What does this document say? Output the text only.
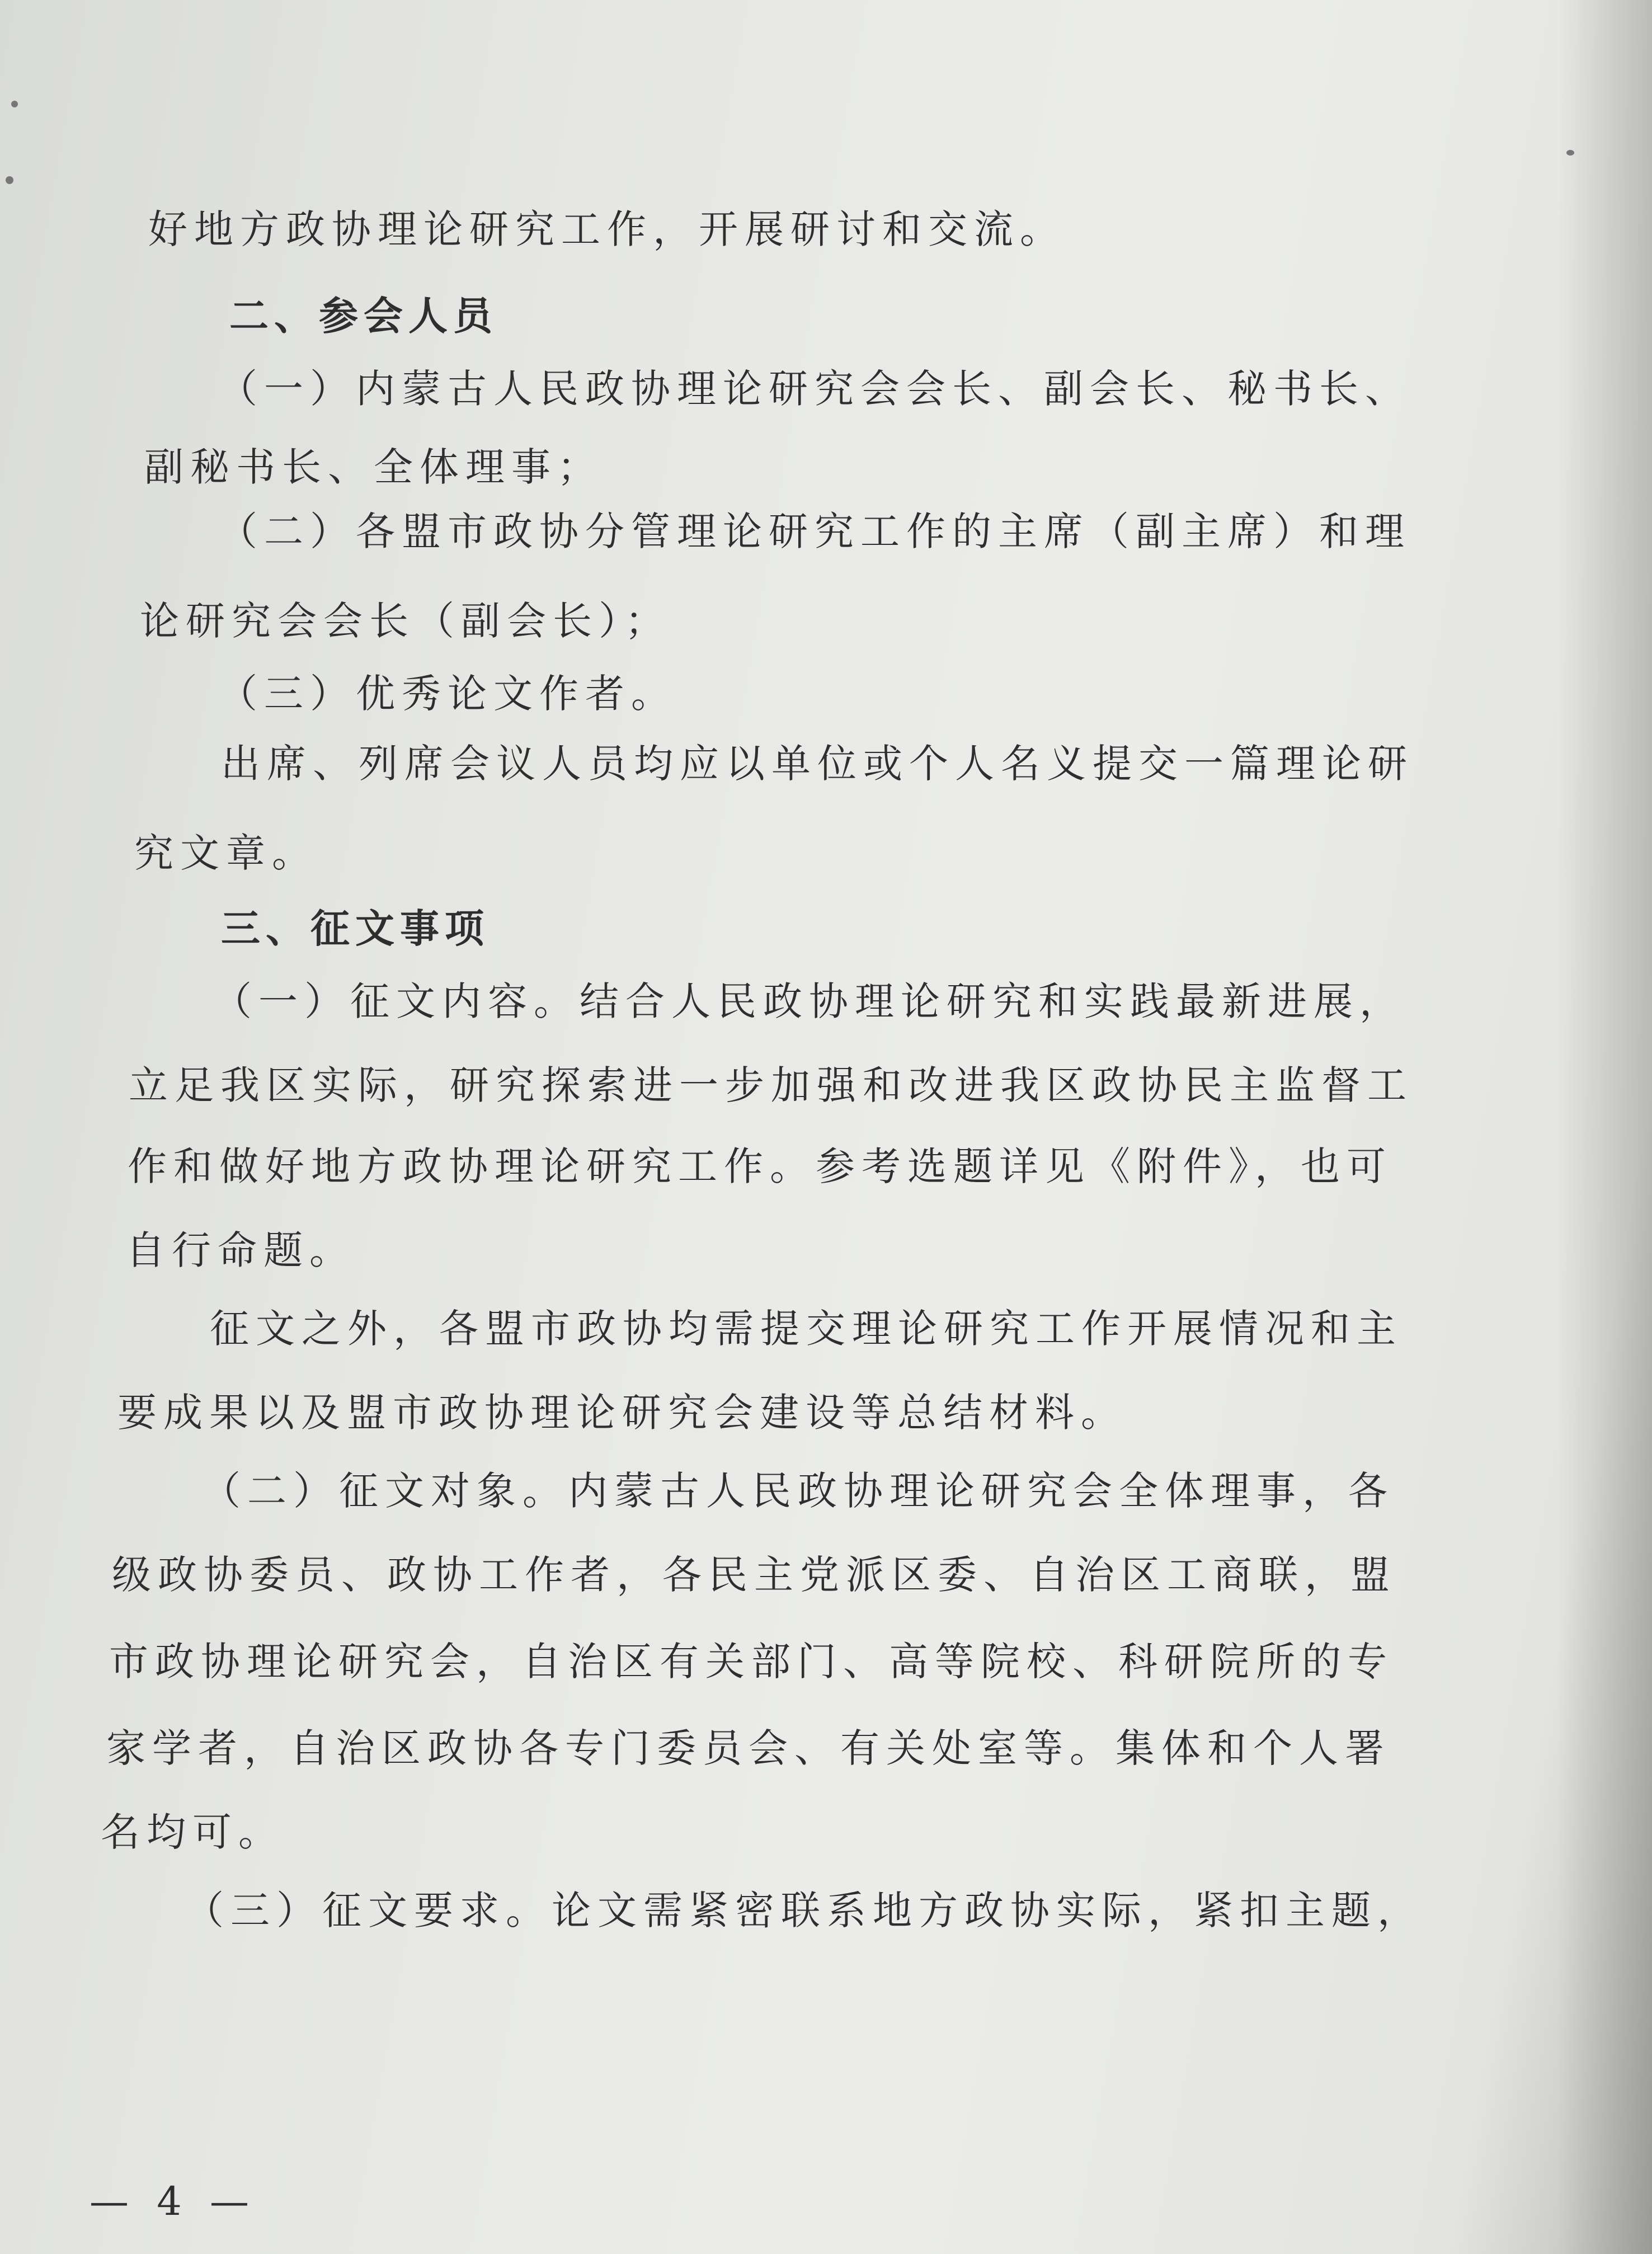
好地方政协理论研究工作，开展研讨和交流。
二、参会人员
（一）内蒙古人民政协理论研究会会长、副会长、秘书长、
副秘书长、全体理事；
（二）各盟市政协分管理论研究工作的主席（副主席）和理
论研究会会长（副会长）；
（三）优秀论文作者。
出席、列席会议人员均应以单位或个人名义提交一篇理论研
究文章。
三、征文事项
（一）征文内容。结合人民政协理论研究和实践最新进展，
立足我区实际，研究探索进一步加强和改进我区政协民主监督工
作和做好地方政协理论研究工作。参考选题详见《附件》，也可
自行命题。
征文之外，各盟市政协均需提交理论研究工作开展情况和主
要成果以及盟市政协理论研究会建设等总结材料。
（二）征文对象。内蒙古人民政协理论研究会全体理事，各
级政协委员、政协工作者，各民主党派区委、自治区工商联，盟
市政协理论研究会，自治区有关部门、高等院校、科研院所的专
家学者，自治区政协各专门委员会、有关处室等。集体和个人署
名均可。
（三）征文要求。论文需紧密联系地方政协实际，紧扣主题，
— 4 —
